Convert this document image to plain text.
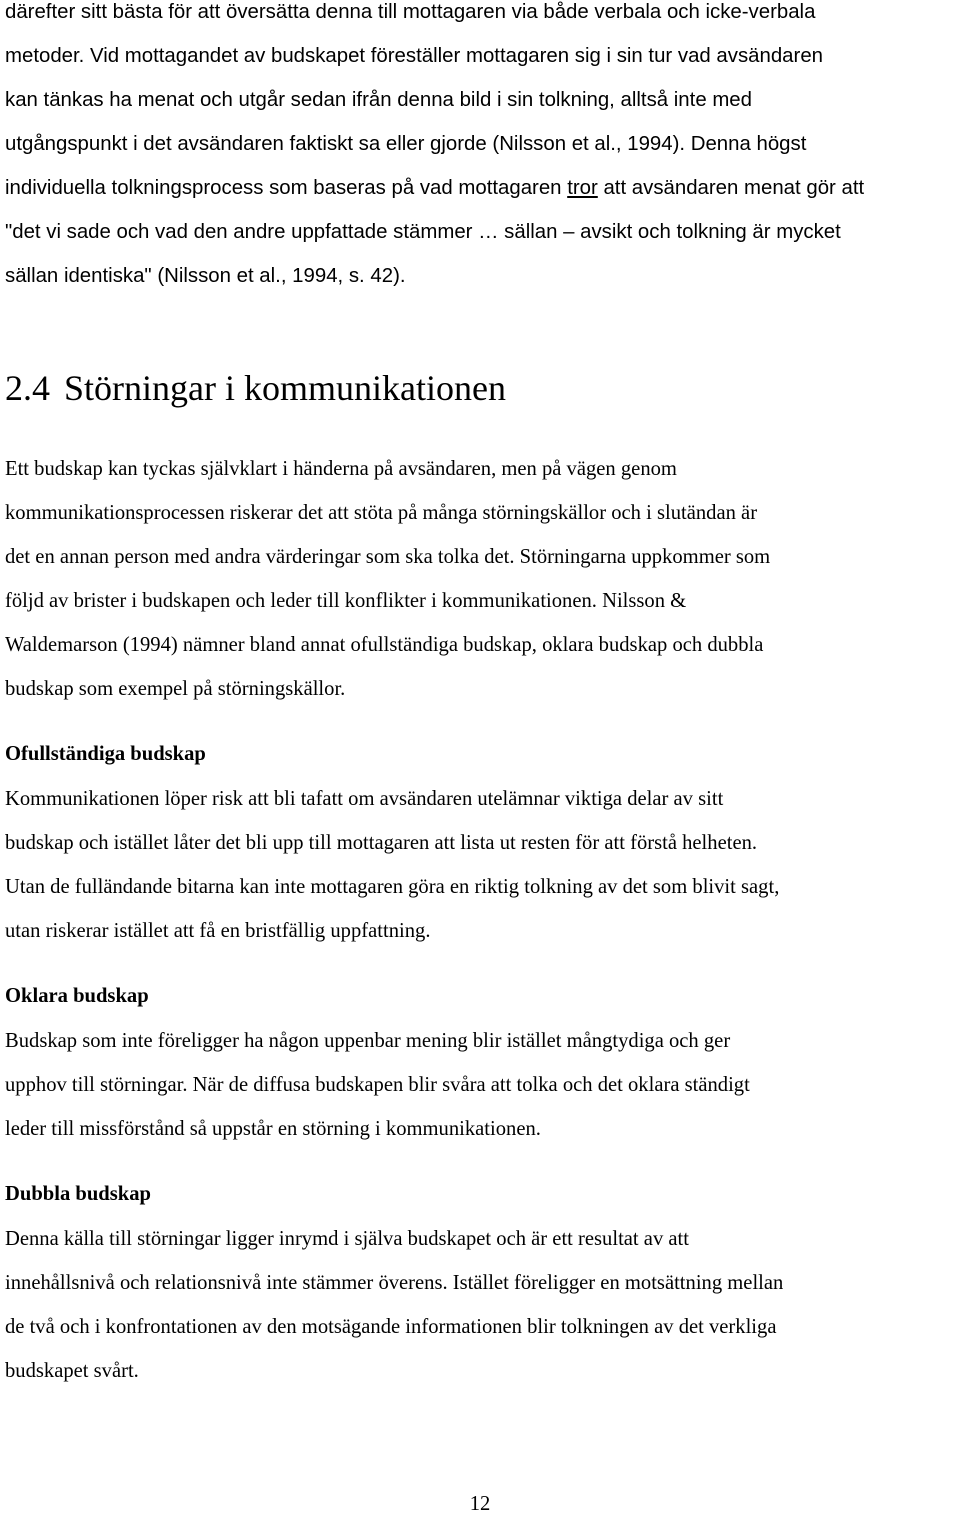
därefter sitt bästa för att översätta denna till mottagaren via både verbala och icke-verbala
metoder. Vid mottagandet av budskapet föreställer mottagaren sig i sin tur vad avsändaren
kan tänkas ha menat och utgår sedan ifrån denna bild i sin tolkning, alltså inte med
utgångspunkt i det avsändaren faktiskt sa eller gjorde (Nilsson et al., 1994). Denna högst
individuella tolkningsprocess som baseras på vad mottagaren tror att avsändaren menat gör att
"det vi sade och vad den andre uppfattade stämmer … sällan – avsikt och tolkning är mycket
sällan identiska" (Nilsson et al., 1994, s. 42).
2.4 Störningar i kommunikationen
Ett budskap kan tyckas självklart i händerna på avsändaren, men på vägen genom
kommunikationsprocessen riskerar det att stöta på många störningskällor och i slutändan är
det en annan person med andra värderingar som ska tolka det. Störningarna uppkommer som
följd av brister i budskapen och leder till konflikter i kommunikationen. Nilsson &
Waldemarson (1994) nämner bland annat ofullständiga budskap, oklara budskap och dubbla
budskap som exempel på störningskällor.
Ofullständiga budskap
Kommunikationen löper risk att bli tafatt om avsändaren utelämnar viktiga delar av sitt
budskap och istället låter det bli upp till mottagaren att lista ut resten för att förstå helheten.
Utan de fulländande bitarna kan inte mottagaren göra en riktig tolkning av det som blivit sagt,
utan riskerar istället att få en bristfällig uppfattning.
Oklara budskap
Budskap som inte föreligger ha någon uppenbar mening blir istället mångtydiga och ger
upphov till störningar. När de diffusa budskapen blir svåra att tolka och det oklara ständigt
leder till missförstånd så uppstår en störning i kommunikationen.
Dubbla budskap
Denna källa till störningar ligger inrymd i själva budskapet och är ett resultat av att
innehållsnivå och relationsnivå inte stämmer överens. Istället föreligger en motsättning mellan
de två och i konfrontationen av den motsägande informationen blir tolkningen av det verkliga
budskapet svårt.
12
